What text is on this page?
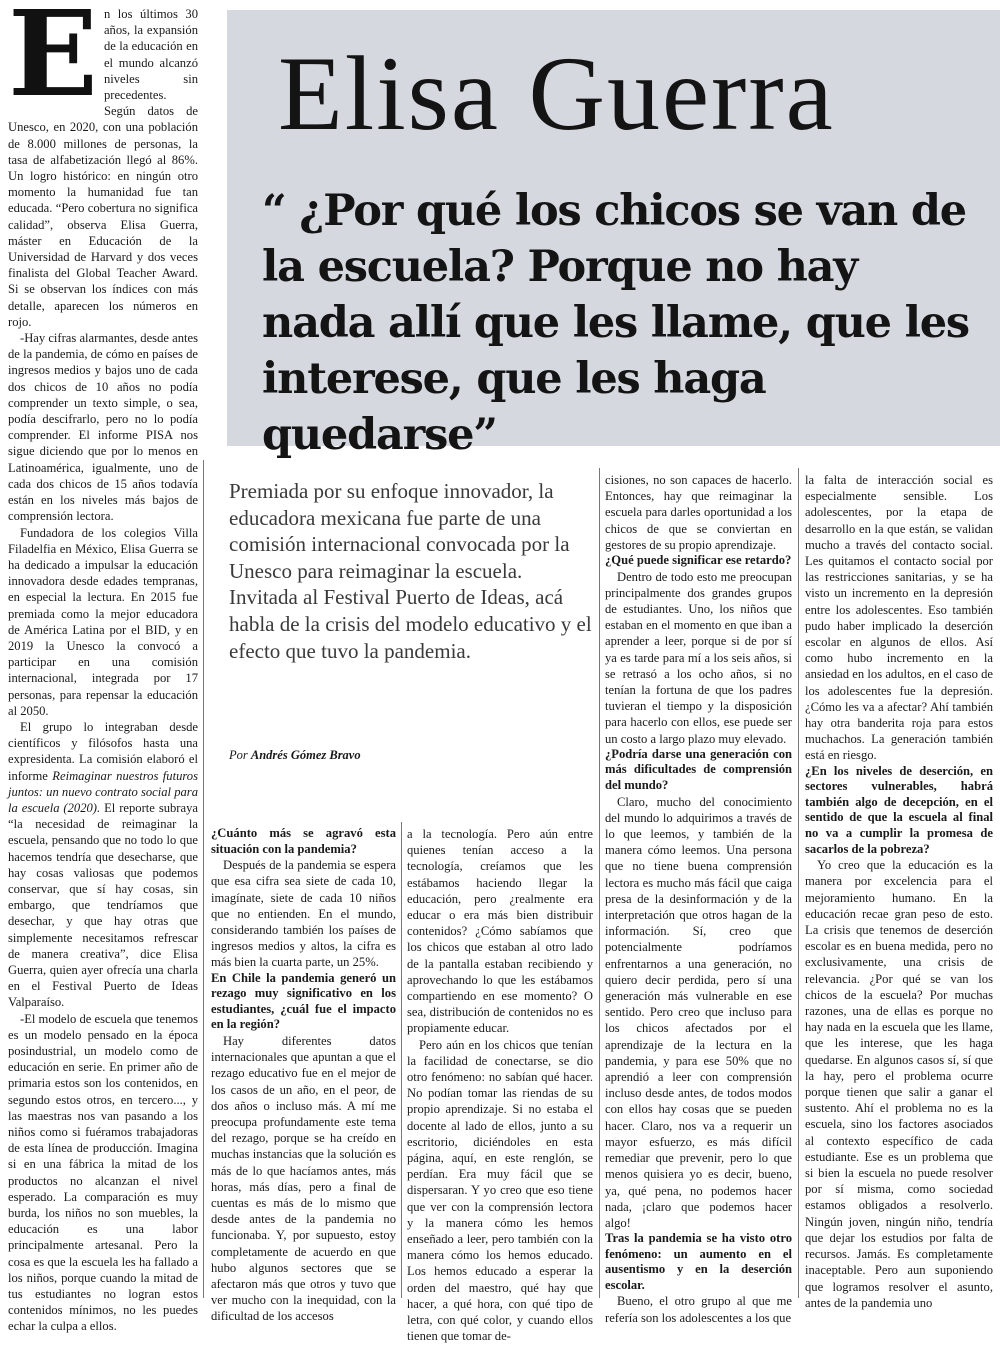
Elisa Guerra

“ ¿Por qué los chicos se van de la escuela? Porque no hay nada allí que les llame, que les interese, que les haga quedarse”

Premiada por su enfoque innovador, la educadora mexicana fue parte de una comisión internacional convocada por la Unesco para reimaginar la escuela. Invitada al Festival Puerto de Ideas, acá habla de la crisis del modelo educativo y el efecto que tuvo la pandemia.

Por Andrés Gómez Bravo

E n los últimos 30 años, la expansión de la educación en el mundo alcanzó niveles sin precedentes. Según datos de Unesco, en 2020, con una población de 8.000 millones de personas, la tasa de alfabetización llegó al 86%. Un logro histórico: en ningún otro momento la humanidad fue tan educada. “Pero cobertura no significa calidad”, observa Elisa Guerra, máster en Educación de la Universidad de Harvard y dos veces finalista del Global Teacher Award. Si se observan los índices con más detalle, aparecen los números en rojo.

-Hay cifras alarmantes, desde antes de la pandemia, de cómo en países de ingresos medios y bajos uno de cada dos chicos de 10 años no podía comprender un texto simple, o sea, podía descifrarlo, pero no lo podía comprender. El informe PISA nos sigue diciendo que por lo menos en Latinoamérica, igualmente, uno de cada dos chicos de 15 años todavía están en los niveles más bajos de comprensión lectora.

Fundadora de los colegios Villa Filadelfia en México, Elisa Guerra se ha dedicado a impulsar la educación innovadora desde edades tempranas, en especial la lectura. En 2015 fue premiada como la mejor educadora de América Latina por el BID, y en 2019 la Unesco la convocó a participar en una comisión internacional, integrada por 17 personas, para repensar la educación al 2050.

El grupo lo integraban desde científicos y filósofos hasta una expresidenta. La comisión elaboró el informe Reimaginar nuestros futuros juntos: un nuevo contrato social para la escuela (2020). El reporte subraya “la necesidad de reimaginar la escuela, pensando que no todo lo que hacemos tendría que desecharse, que hay cosas valiosas que podemos conservar, que sí hay cosas, sin embargo, que tendríamos que desechar, y que hay otras que simplemente necesitamos refrescar de manera creativa”, dice Elisa Guerra, quien ayer ofrecía una charla en el Festival Puerto de Ideas Valparaíso.

-El modelo de escuela que tenemos es un modelo pensado en la época posindustrial, un modelo como de educación en serie. En primer año de primaria estos son los contenidos, en segundo estos otros, en tercero..., y las maestras nos van pasando a los niños como si fuéramos trabajadoras de esta línea de producción. Imagina si en una fábrica la mitad de los productos no alcanzan el nivel esperado. La comparación es muy burda, los niños no son muebles, la educación es una labor principalmente artesanal. Pero la cosa es que la escuela les ha fallado a los niños, porque cuando la mitad de tus estudiantes no logran estos contenidos mínimos, no les puedes echar la culpa a ellos.

¿Cuánto más se agravó esta situación con la pandemia?

Después de la pandemia se espera que esa cifra sea siete de cada 10, imagínate, siete de cada 10 niños que no entienden. En el mundo, considerando también los países de ingresos medios y altos, la cifra es más bien la cuarta parte, un 25%.

En Chile la pandemia generó un rezago muy significativo en los estudiantes, ¿cuál fue el impacto en la región?

Hay diferentes datos internacionales que apuntan a que el rezago educativo fue en el mejor de los casos de un año, en el peor, de dos años o incluso más. A mí me preocupa profundamente este tema del rezago, porque se ha creído en muchas instancias que la solución es más de lo que hacíamos antes, más horas, más días, pero a final de cuentas es más de lo mismo que desde antes de la pandemia no funcionaba. Y, por supuesto, estoy completamente de acuerdo en que hubo algunos sectores que se afectaron más que otros y tuvo que ver mucho con la inequidad, con la dificultad de los accesos

a la tecnología. Pero aún entre quienes tenían acceso a la tecnología, creíamos que les estábamos haciendo llegar la educación, pero ¿realmente era educar o era más bien distribuir contenidos? ¿Cómo sabíamos que los chicos que estaban al otro lado de la pantalla estaban recibiendo y aprovechando lo que les estábamos compartiendo en ese momento? O sea, distribución de contenidos no es propiamente educar.

Pero aún en los chicos que tenían la facilidad de conectarse, se dio otro fenómeno: no sabían qué hacer. No podían tomar las riendas de su propio aprendizaje. Si no estaba el docente al lado de ellos, junto a su escritorio, diciéndoles en esta página, aquí, en este renglón, se perdían. Era muy fácil que se dispersaran. Y yo creo que eso tiene que ver con la comprensión lectora y la manera cómo les hemos enseñado a leer, pero también con la manera cómo los hemos educado. Los hemos educado a esperar la orden del maestro, qué hay que hacer, a qué hora, con qué tipo de letra, con qué color, y cuando ellos tienen que tomar de-

cisiones, no son capaces de hacerlo. Entonces, hay que reimaginar la escuela para darles oportunidad a los chicos de que se conviertan en gestores de su propio aprendizaje.

¿Qué puede significar ese retardo?

Dentro de todo esto me preocupan principalmente dos grandes grupos de estudiantes. Uno, los niños que estaban en el momento en que iban a aprender a leer, porque si de por sí ya es tarde para mí a los seis años, si se retrasó a los ocho años, si no tenían la fortuna de que los padres tuvieran el tiempo y la disposición para hacerlo con ellos, ese puede ser un costo a largo plazo muy elevado.

¿Podría darse una generación con más dificultades de comprensión del mundo?

Claro, mucho del conocimiento del mundo lo adquirimos a través de lo que leemos, y también de la manera cómo leemos. Una persona que no tiene buena comprensión lectora es mucho más fácil que caiga presa de la desinformación y de la interpretación que otros hagan de la información. Sí, creo que potencialmente podríamos enfrentarnos a una generación, no quiero decir perdida, pero sí una generación más vulnerable en ese sentido. Pero creo que incluso para los chicos afectados por el aprendizaje de la lectura en la pandemia, y para ese 50% que no aprendió a leer con comprensión incluso desde antes, de todos modos con ellos hay cosas que se pueden hacer. Claro, nos va a requerir un mayor esfuerzo, es más difícil remediar que prevenir, pero lo que menos quisiera yo es decir, bueno, ya, qué pena, no podemos hacer nada, ¡claro que podemos hacer algo!

Tras la pandemia se ha visto otro fenómeno: un aumento en el ausentismo y en la deserción escolar.

Bueno, el otro grupo al que me refería son los adolescentes a los que

la falta de interacción social es especialmente sensible. Los adolescentes, por la etapa de desarrollo en la que están, se validan mucho a través del contacto social. Les quitamos el contacto social por las restricciones sanitarias, y se ha visto un incremento en la depresión entre los adolescentes. Eso también pudo haber implicado la deserción escolar en algunos de ellos. Así como hubo incremento en la ansiedad en los adultos, en el caso de los adolescentes fue la depresión. ¿Cómo les va a afectar? Ahí también hay otra banderita roja para estos muchachos. La generación también está en riesgo.

¿En los niveles de deserción, en sectores vulnerables, habrá también algo de decepción, en el sentido de que la escuela al final no va a cumplir la promesa de sacarlos de la pobreza?

Yo creo que la educación es la manera por excelencia para el mejoramiento humano. En la educación recae gran peso de esto. La crisis que tenemos de deserción escolar es en buena medida, pero no exclusivamente, una crisis de relevancia. ¿Por qué se van los chicos de la escuela? Por muchas razones, una de ellas es porque no hay nada en la escuela que les llame, que les interese, que les haga quedarse. En algunos casos sí, sí que la hay, pero el problema ocurre porque tienen que salir a ganar el sustento. Ahí el problema no es la escuela, sino los factores asociados al contexto específico de cada estudiante. Ese es un problema que si bien la escuela no puede resolver por sí misma, como sociedad estamos obligados a resolverlo. Ningún joven, ningún niño, tendría que dejar los estudios por falta de recursos. Jamás. Es completamente inaceptable. Pero aun suponiendo que logramos resolver el asunto, antes de la pandemia uno
